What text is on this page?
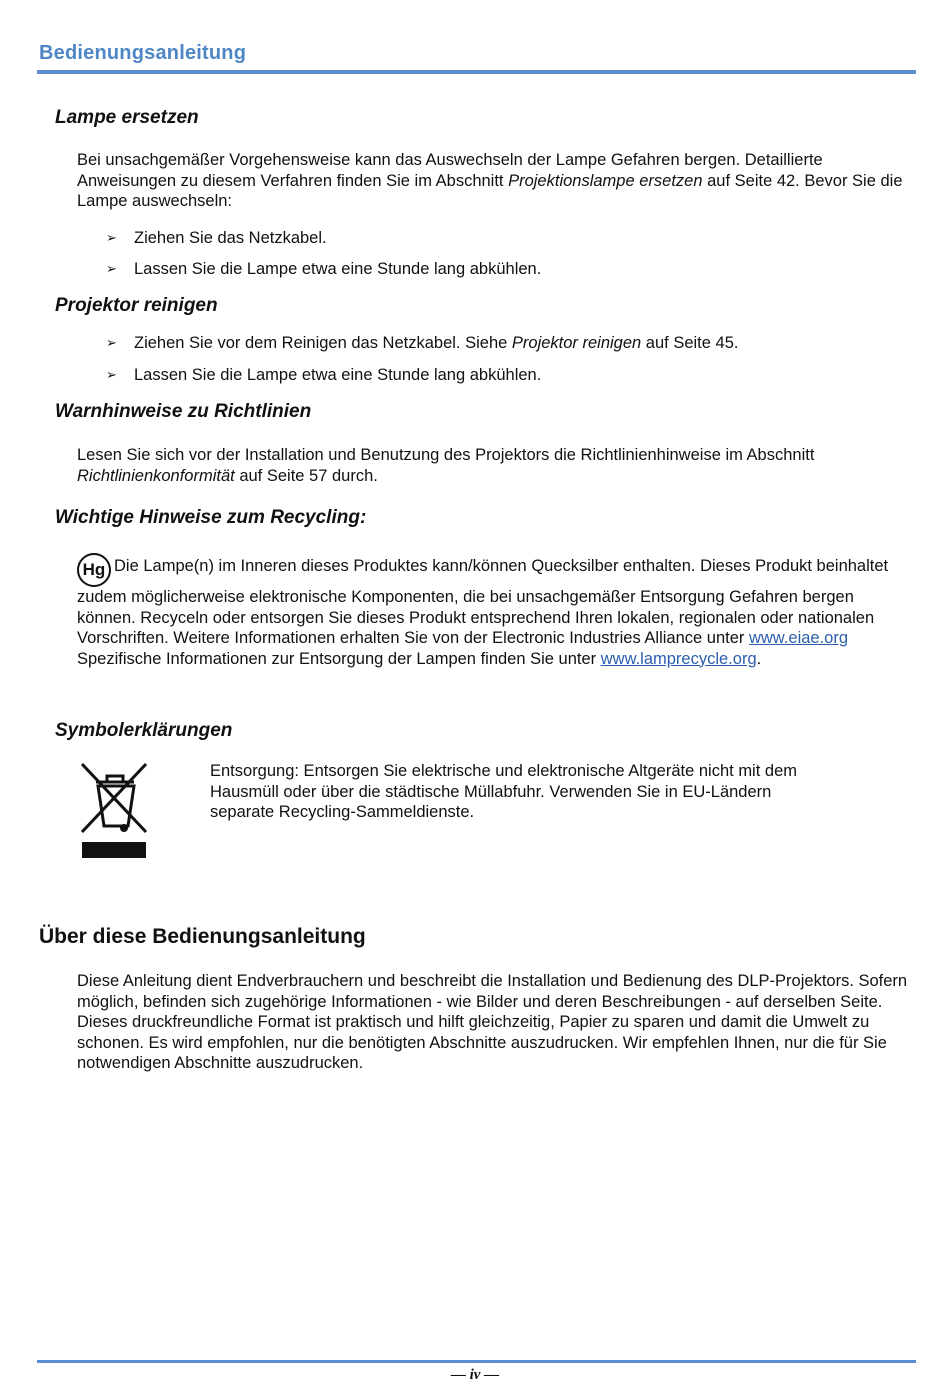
Bedienungsanleitung
Lampe ersetzen

Bei unsachgemäßer Vorgehensweise kann das Auswechseln der Lampe Gefahren bergen. Detaillierte Anweisungen zu diesem Verfahren finden Sie im Abschnitt Projektionslampe ersetzen auf Seite 42. Bevor Sie die Lampe auswechseln:

➢	Ziehen Sie das Netzkabel.
➢	Lassen Sie die Lampe etwa eine Stunde lang abkühlen.
Projektor reinigen
➢	Ziehen Sie vor dem Reinigen das Netzkabel. Siehe Projektor reinigen auf Seite 45.
➢	Lassen Sie die Lampe etwa eine Stunde lang abkühlen.
Warnhinweise zu Richtlinien

Lesen Sie sich vor der Installation und Benutzung des Projektors die Richtlinienhinweise im Abschnitt Richtlinienkonformität auf Seite 57 durch.

Wichtige Hinweise zum Recycling:

Hg Die Lampe(n) im Inneren dieses Produktes kann/können Quecksilber enthalten. Dieses Produkt beinhaltet zudem möglicherweise elektronische Komponenten, die bei unsachgemäßer Entsorgung Gefahren bergen können. Recyceln oder entsorgen Sie dieses Produkt entsprechend Ihren lokalen, regionalen oder nationalen Vorschriften. Weitere Informationen erhalten Sie von der Electronic Industries Alliance unter www.eiae.org Spezifische Informationen zur Entsorgung der Lampen finden Sie unter www.lamprecycle.org.

Symbolerklärungen

Entsorgung: Entsorgen Sie elektrische und elektronische Altgeräte nicht mit dem Hausmüll oder über die städtische Müllabfuhr. Verwenden Sie in EU-Ländern separate Recycling-Sammeldienste.

Über diese Bedienungsanleitung

Diese Anleitung dient Endverbrauchern und beschreibt die Installation und Bedienung des DLP-Projektors. Sofern möglich, befinden sich zugehörige Informationen - wie Bilder und deren Beschreibungen - auf derselben Seite. Dieses druckfreundliche Format ist praktisch und hilft gleichzeitig, Papier zu sparen und damit die Umwelt zu schonen. Es wird empfohlen, nur die benötigten Abschnitte auszudrucken. Wir empfehlen Ihnen, nur die für Sie notwendigen Abschnitte auszudrucken.

— iv —
